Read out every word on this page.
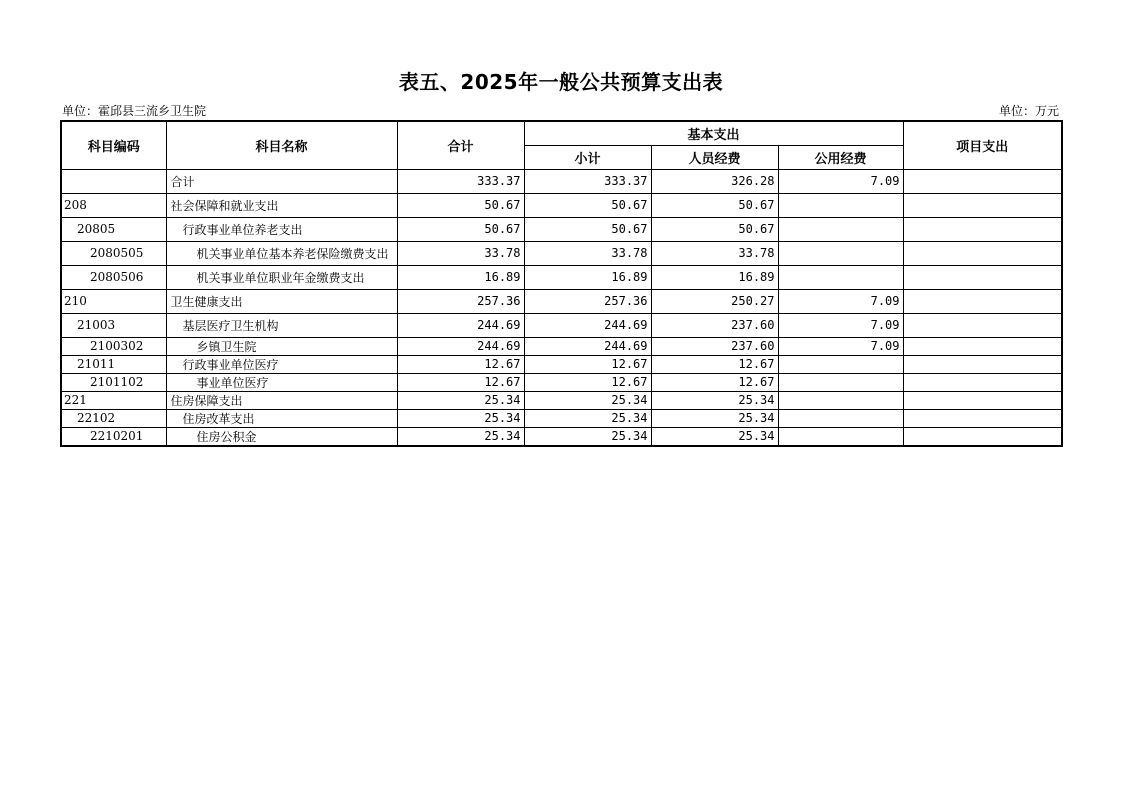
表五、2025年一般公共预算支出表
单位：霍邱县三流乡卫生院	单位：万元
科目编码	科目名称	合计	基本支出			项目支出
			小计	人员经费	公用经费	
	合计	333.37	333.37	326.28	7.09	
208	社会保障和就业支出	50.67	50.67	50.67		
20805	行政事业单位养老支出	50.67	50.67	50.67		
2080505	机关事业单位基本养老保险缴费支出	33.78	33.78	33.78		
2080506	机关事业单位职业年金缴费支出	16.89	16.89	16.89		
210	卫生健康支出	257.36	257.36	250.27	7.09	
21003	基层医疗卫生机构	244.69	244.69	237.60	7.09	
2100302	乡镇卫生院	244.69	244.69	237.60	7.09	
21011	行政事业单位医疗	12.67	12.67	12.67		
2101102	事业单位医疗	12.67	12.67	12.67		
221	住房保障支出	25.34	25.34	25.34		
22102	住房改革支出	25.34	25.34	25.34		
2210201	住房公积金	25.34	25.34	25.34		
